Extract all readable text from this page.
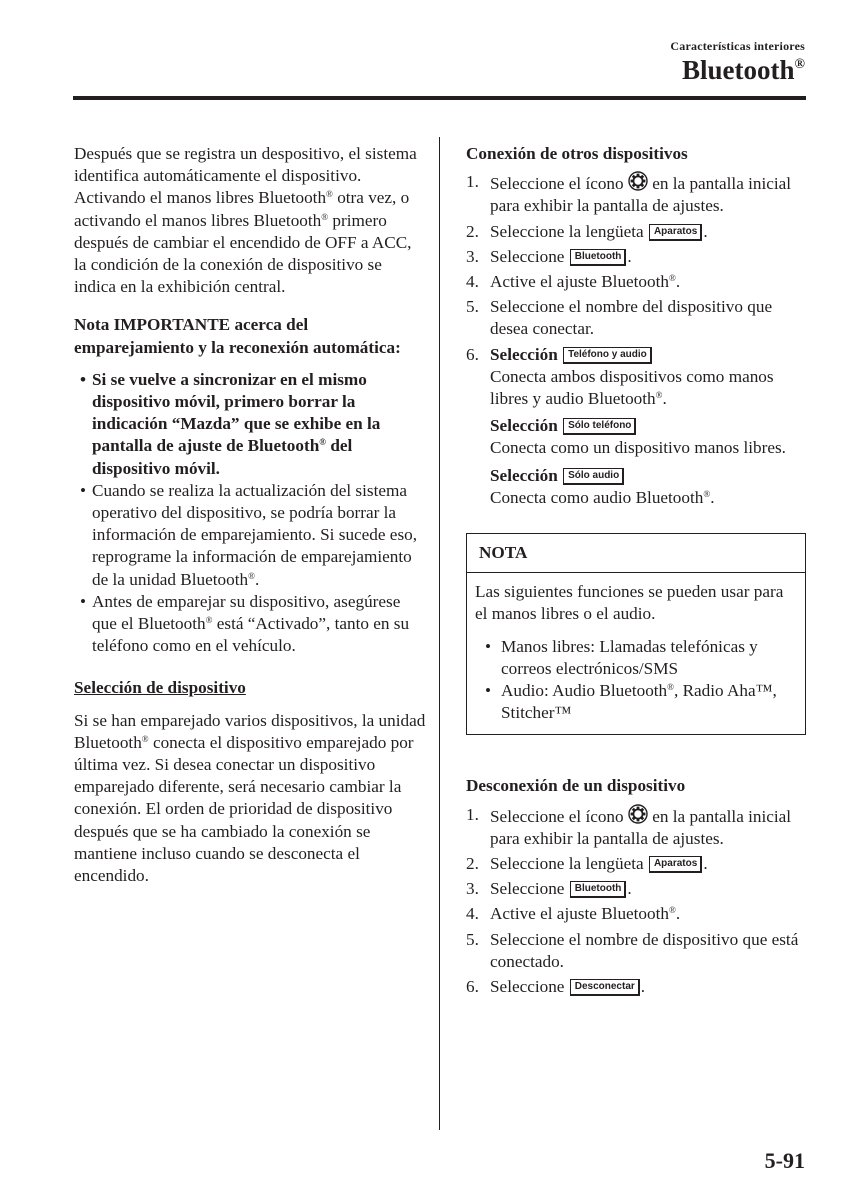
Características interiores
Bluetooth®

Después que se registra un despositivo, el sistema identifica automáticamente el dispositivo. Activando el manos libres Bluetooth® otra vez, o activando el manos libres Bluetooth® primero después de cambiar el encendido de OFF a ACC, la condición de la conexión de dispositivo se indica en la exhibición central.

Nota IMPORTANTE acerca del emparejamiento y la reconexión automática:

• Si se vuelve a sincronizar en el mismo dispositivo móvil, primero borrar la indicación “Mazda” que se exhibe en la pantalla de ajuste de Bluetooth® del dispositivo móvil.
• Cuando se realiza la actualización del sistema operativo del dispositivo, se podría borrar la información de emparejamiento. Si sucede eso, reprograme la información de emparejamiento de la unidad Bluetooth®.
• Antes de emparejar su dispositivo, asegúrese que el Bluetooth® está “Activado”, tanto en su teléfono como en el vehículo.

Selección de dispositivo

Si se han emparejado varios dispositivos, la unidad Bluetooth® conecta el dispositivo emparejado por última vez. Si desea conectar un dispositivo emparejado diferente, será necesario cambiar la conexión. El orden de prioridad de dispositivo después que se ha cambiado la conexión se mantiene incluso cuando se desconecta el encendido.

Conexión de otros dispositivos

1. Seleccione el ícono  en la pantalla inicial para exhibir la pantalla de ajustes.
2. Seleccione la lengüeta Aparatos .
3. Seleccione Bluetooth .
4. Active el ajuste Bluetooth®.
5. Seleccione el nombre del dispositivo que desea conectar.
6. Selección Teléfono y audio
Conecta ambos dispositivos como manos libres y audio Bluetooth®.
Selección Sólo teléfono
Conecta como un dispositivo manos libres.
Selección Sólo audio
Conecta como audio Bluetooth®.
NOTA

Las siguientes funciones se pueden usar para el manos libres o el audio.

• Manos libres: Llamadas telefónicas y correos electrónicos/SMS
• Audio: Audio Bluetooth®, Radio Aha™, Stitcher™

Desconexión de un dispositivo

1. Seleccione el ícono  en la pantalla inicial para exhibir la pantalla de ajustes.
2. Seleccione la lengüeta Aparatos .
3. Seleccione Bluetooth .
4. Active el ajuste Bluetooth®.
5. Seleccione el nombre de dispositivo que está conectado.
6. Seleccione Desconectar .
5-91
